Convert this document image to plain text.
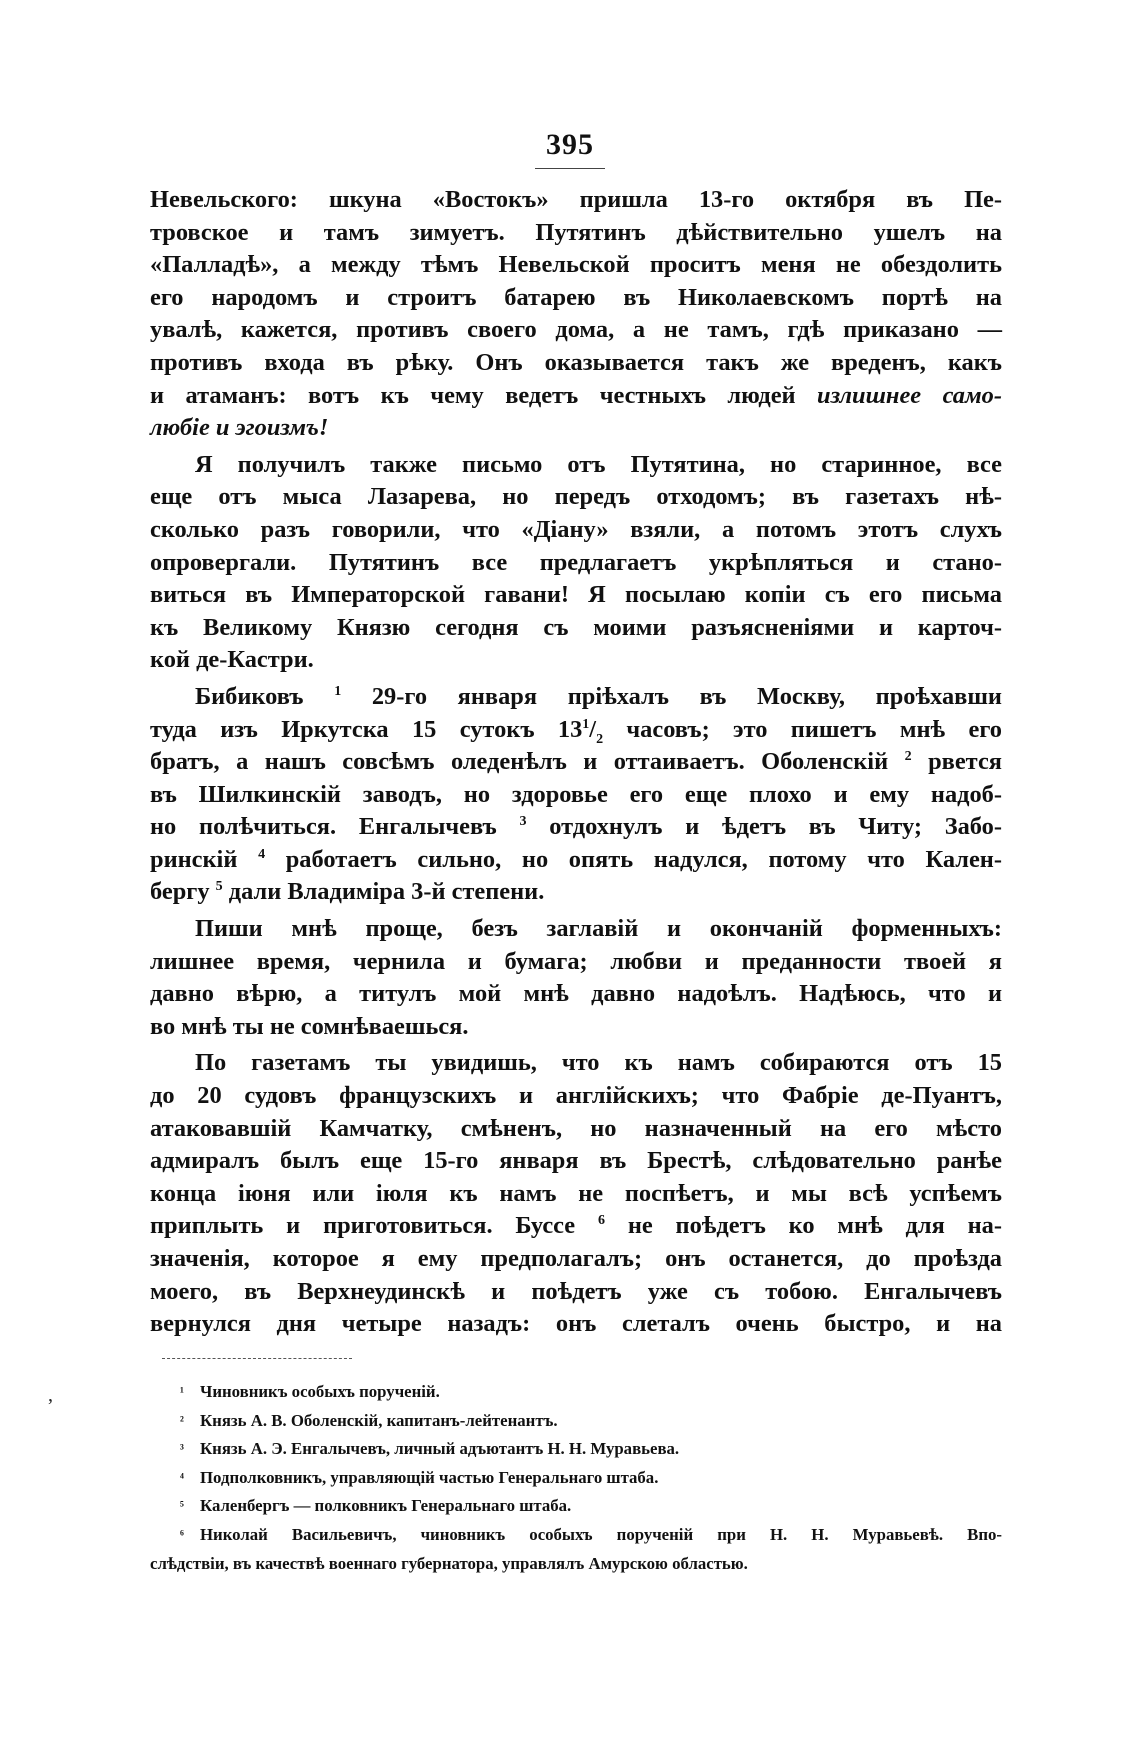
395
Невельского: шкуна «Востокъ» пришла 13-го октября въ Пе-
тровское и тамъ зимуетъ. Путятинъ дѣйствительно ушелъ на
«Палладѣ», а между тѣмъ Невельской проситъ меня не обездолить
его народомъ и строитъ батарею въ Николаевскомъ портѣ на
увалѣ, кажется, противъ своего дома, а не тамъ, гдѣ приказано —
противъ входа въ рѣку. Онъ оказывается такъ же вреденъ, какъ
и атаманъ: вотъ къ чему ведетъ честныхъ людей излишнее само-
любіе и эгоизмъ!
Я получилъ также письмо отъ Путятина, но старинное, все
еще отъ мыса Лазарева, но передъ отходомъ; въ газетахъ нѣ-
сколько разъ говорили, что «Діану» взяли, а потомъ этотъ слухъ
опровергали. Путятинъ все предлагаетъ укрѣпляться и стано-
виться въ Императорской гавани! Я посылаю копіи съ его письма
къ Великому Князю сегодня съ моими разъясненіями и карточ-
кой де-Кастри.
Бибиковъ $^1$ 29-го января пріѣхалъ въ Москву, проѣхавши
туда изъ Иркутска 15 сутокъ $13^1/_2$ часовъ; это пишетъ мнѣ его
братъ, а нашъ совсѣмъ оледенѣлъ и оттаиваетъ. Оболенскій $^2$ рвется
въ Шилкинскій заводъ, но здоровье его еще плохо и ему надоб-
но полѣчиться. Енгалычевъ $^3$ отдохнулъ и ѣдетъ въ Читу; Забо-
ринскій $^4$ работаетъ сильно, но опять надулся, потому что Кален-
бергу $^5$ дали Владиміра 3-й степени.
Пиши мнѣ проще, безъ заглавій и окончаній форменныхъ:
лишнее время, чернила и бумага; любви и преданности твоей я
давно вѣрю, а титулъ мой мнѣ давно надоѣлъ. Надѣюсь, что и
во мнѣ ты не сомнѣваешься.
По газетамъ ты увидишь, что къ намъ собираются отъ 15
до 20 судовъ французскихъ и англійскихъ; что Фабріе де-Пуантъ,
атаковавшій Камчатку, смѣненъ, но назначенный на его мѣсто
адмиралъ былъ еще 15-го января въ Брестѣ, слѣдовательно ранѣе
конца іюня или іюля къ намъ не поспѣетъ, и мы всѣ успѣемъ
приплыть и приготовиться. Буссе $^6$ не поѣдетъ ко мнѣ для на-
значенія, которое я ему предполагалъ; онъ останется, до проѣзда
моего, въ Верхнеудинскѣ и поѣдетъ уже съ тобою. Енгалычевъ
вернулся дня четыре назадъ: онъ слеталъ очень быстро, и на
,	¹ Чиновникъ особыхъ порученій.
² Князь А. В. Оболенскій, капитанъ-лейтенантъ.
³ Князь А. Э. Енгалычевъ, личный адъютантъ Н. Н. Муравьева.
⁴ Подполковникъ, управляющій частью Генеральнаго штаба.
⁵ Каленбергъ — полковникъ Генеральнаго штаба.
⁶ Николай Васильевичъ, чиновникъ особыхъ порученій при Н. Н. Муравьевѣ. Впо-
слѣдствіи, въ качествѣ военнаго губернатора, управлялъ Амурскою областью.
